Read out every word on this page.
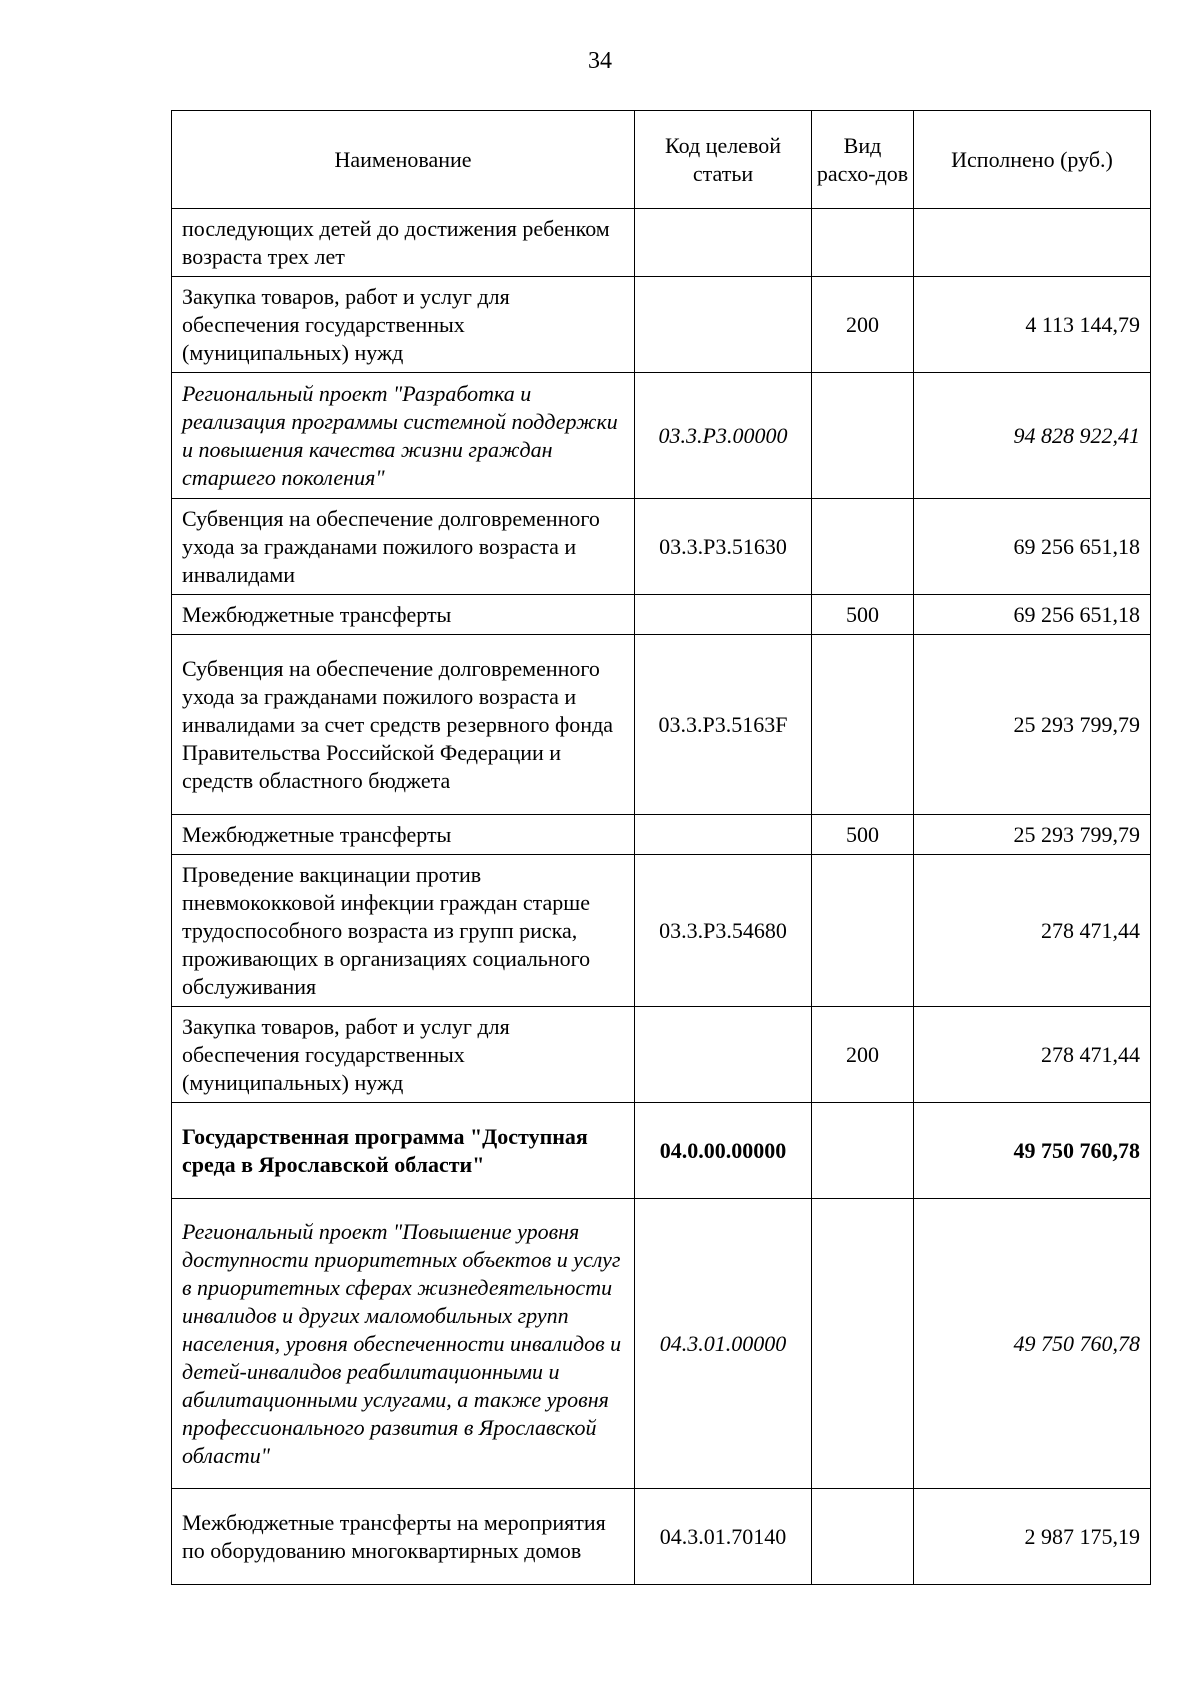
34
Наименование	Код целевой статьи	Вид расхо-дов	Исполнено (руб.)
последующих детей до достижения ребенком возраста трех лет			
Закупка товаров, работ и услуг для обеспечения государственных (муниципальных) нужд		200	4 113 144,79
Региональный проект "Разработка и реализация программы системной поддержки и повышения качества жизни граждан старшего поколения"	03.3.P3.00000		94 828 922,41
Субвенция на обеспечение долговременного ухода за гражданами пожилого возраста и инвалидами	03.3.P3.51630		69 256 651,18
Межбюджетные трансферты		500	69 256 651,18
Субвенция на обеспечение долговременного ухода за гражданами пожилого возраста и инвалидами за счет средств резервного фонда Правительства Российской Федерации и средств областного бюджета	03.3.P3.5163F		25 293 799,79
Межбюджетные трансферты		500	25 293 799,79
Проведение вакцинации против пневмококковой инфекции граждан старше трудоспособного возраста из групп риска, проживающих в организациях социального обслуживания	03.3.P3.54680		278 471,44
Закупка товаров, работ и услуг для обеспечения государственных (муниципальных) нужд		200	278 471,44
Государственная программа "Доступная среда в Ярославской области"	04.0.00.00000		49 750 760,78
Региональный проект "Повышение уровня доступности приоритетных объектов и услуг в приоритетных сферах жизнедеятельности инвалидов и других маломобильных групп населения, уровня обеспеченности инвалидов и детей-инвалидов реабилитационными и абилитационными услугами, а также уровня профессионального развития в Ярославской области"	04.3.01.00000		49 750 760,78
Межбюджетные трансферты на мероприятия по оборудованию многоквартирных домов	04.3.01.70140		2 987 175,19
